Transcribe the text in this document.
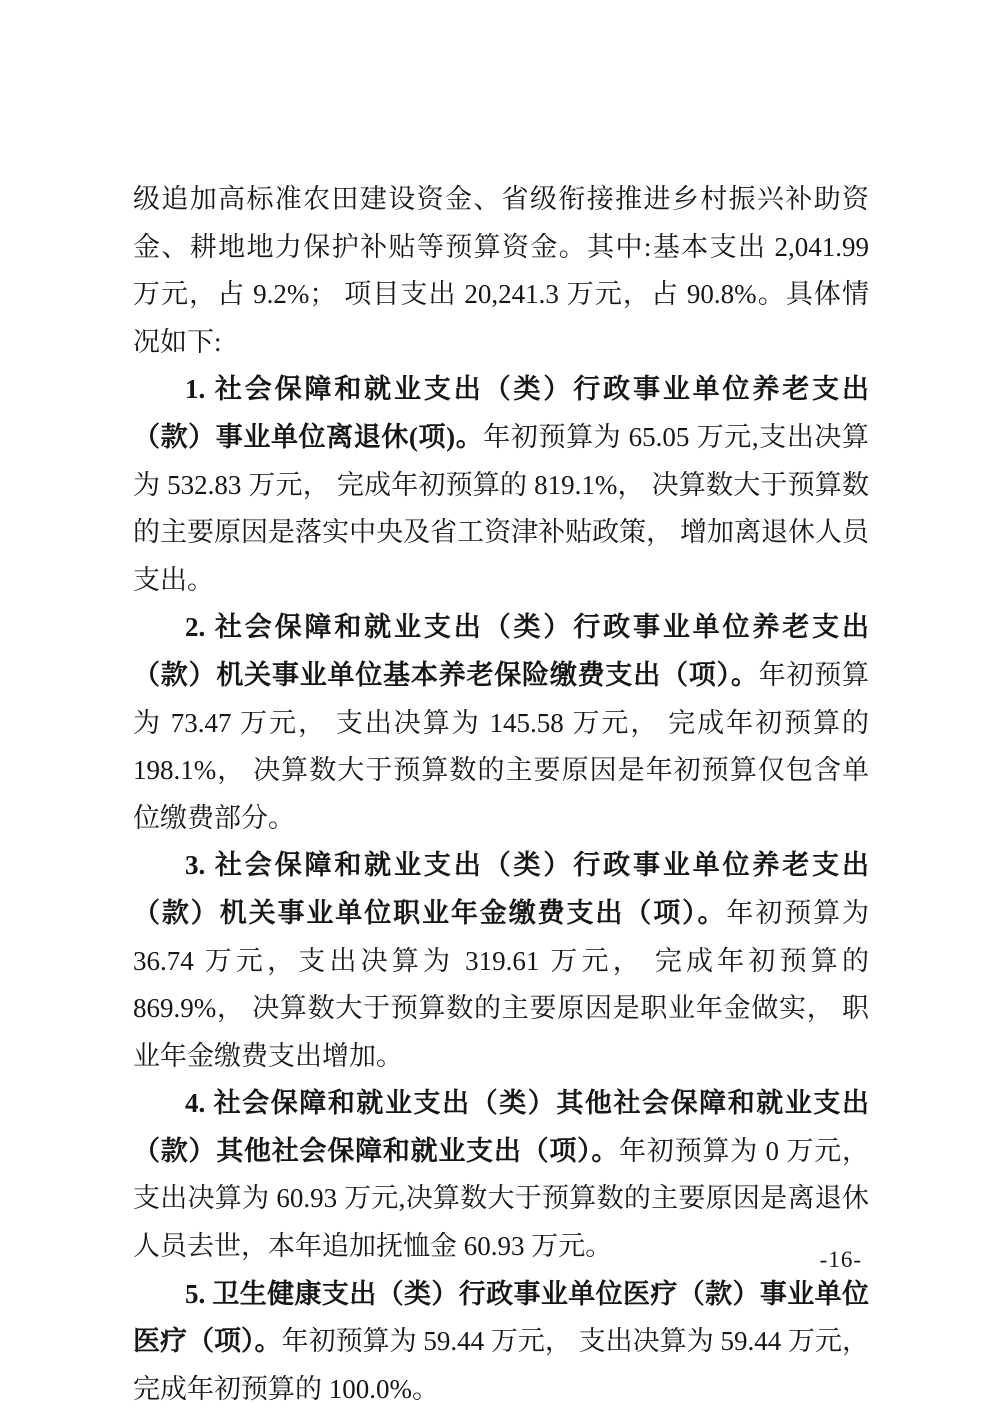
级追加高标准农田建设资金、省级衔接推进乡村振兴补助资金、耕地地力保护补贴等预算资金。其中:基本支出 2,041.99 万元，占 9.2%； 项目支出 20,241.3 万元，占 90.8%。具体情况如下:

1. 社会保障和就业支出（类）行政事业单位养老支出（款）事业单位离退休(项)。年初预算为 65.05 万元,支出决算为 532.83 万元， 完成年初预算的 819.1%， 决算数大于预算数的主要原因是落实中央及省工资津补贴政策， 增加离退休人员支出。

2. 社会保障和就业支出（类）行政事业单位养老支出（款）机关事业单位基本养老保险缴费支出（项）。年初预算为 73.47 万元， 支出决算为 145.58 万元， 完成年初预算的 198.1%， 决算数大于预算数的主要原因是年初预算仅包含单位缴费部分。

3. 社会保障和就业支出（类）行政事业单位养老支出（款）机关事业单位职业年金缴费支出（项）。年初预算为 36.74 万元，支出决算为 319.61 万元， 完成年初预算的 869.9%， 决算数大于预算数的主要原因是职业年金做实， 职业年金缴费支出增加。

4. 社会保障和就业支出（类）其他社会保障和就业支出（款）其他社会保障和就业支出（项）。年初预算为 0 万元， 支出决算为 60.93 万元,决算数大于预算数的主要原因是离退休人员去世，本年追加抚恤金 60.93 万元。

5. 卫生健康支出（类）行政事业单位医疗（款）事业单位医疗（项）。年初预算为 59.44 万元， 支出决算为 59.44 万元， 完成年初预算的 100.0%。

-16-
